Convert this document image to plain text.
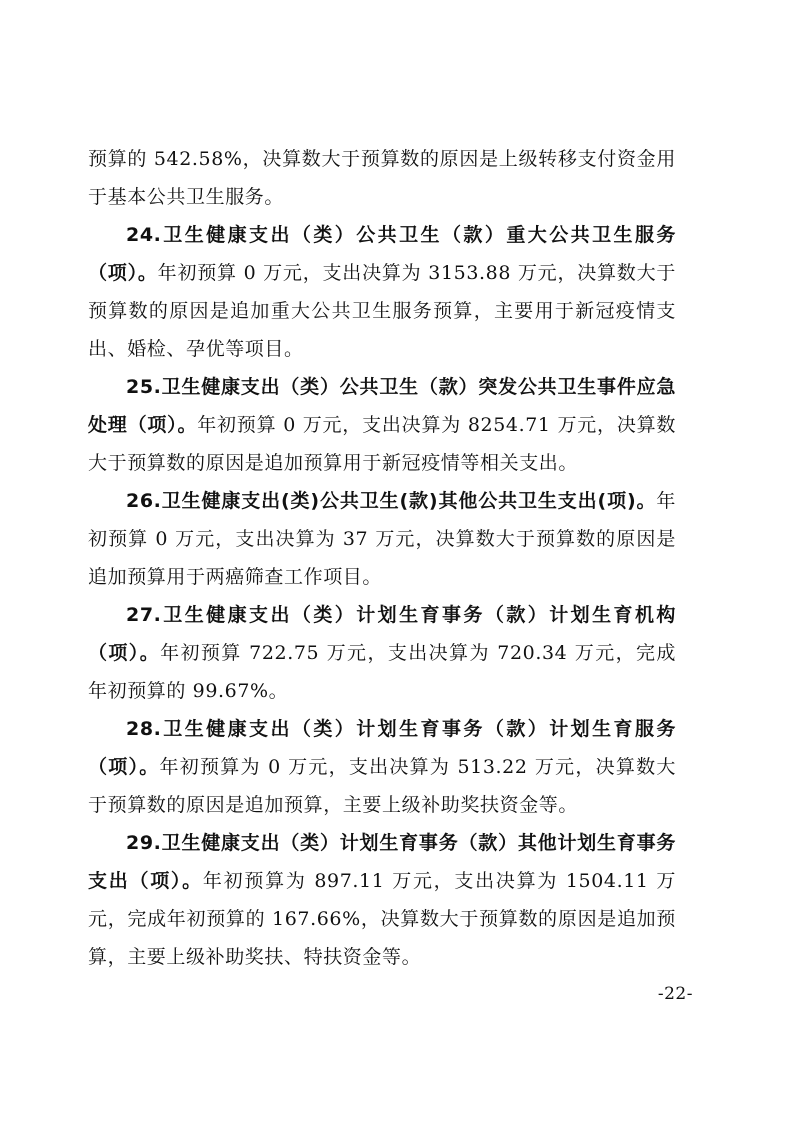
预算的 542.58%，决算数大于预算数的原因是上级转移支付资金用于基本公共卫生服务。

24.卫生健康支出（类）公共卫生（款）重大公共卫生服务（项）。年初预算 0 万元，支出决算为 3153.88 万元，决算数大于预算数的原因是追加重大公共卫生服务预算，主要用于新冠疫情支出、婚检、孕优等项目。

25.卫生健康支出（类）公共卫生（款）突发公共卫生事件应急处理（项）。年初预算 0 万元，支出决算为 8254.71 万元，决算数大于预算数的原因是追加预算用于新冠疫情等相关支出。

26.卫生健康支出(类)公共卫生(款)其他公共卫生支出(项)。年初预算 0 万元，支出决算为 37 万元，决算数大于预算数的原因是追加预算用于两癌筛查工作项目。

27.卫生健康支出（类）计划生育事务（款）计划生育机构（项）。年初预算 722.75 万元，支出决算为 720.34 万元，完成年初预算的 99.67%。

28.卫生健康支出（类）计划生育事务（款）计划生育服务（项）。年初预算为 0 万元，支出决算为 513.22 万元，决算数大于预算数的原因是追加预算，主要上级补助奖扶资金等。

29.卫生健康支出（类）计划生育事务（款）其他计划生育事务支出（项）。年初预算为 897.11 万元，支出决算为 1504.11 万元，完成年初预算的 167.66%，决算数大于预算数的原因是追加预算，主要上级补助奖扶、特扶资金等。

-22-
